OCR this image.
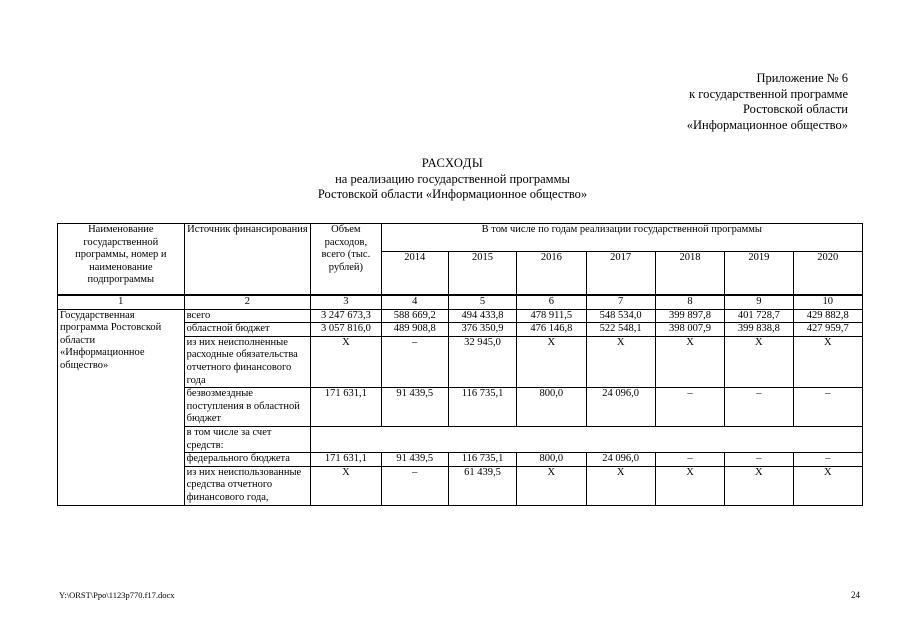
Приложение № 6
к государственной программе
Ростовской области
«Информационное общество»
РАСХОДЫ
на реализацию государственной программы
Ростовской области «Информационное общество»
Наименование государственной программы, номер и наименование подпрограммы	Источник финансирования	Объем расходов, всего (тыс. рублей)	В том числе по годам реализации государственной программы						
			2014	2015	2016	2017	2018	2019	2020
1	2	3	4	5	6	7	8	9	10
Государственная программа Ростовской области «Информационное общество»	всего	3 247 673,3	588 669,2	494 433,8	478 911,5	548 534,0	399 897,8	401 728,7	429 882,8
	областной бюджет	3 057 816,0	489 908,8	376 350,9	476 146,8	522 548,1	398 007,9	399 838,8	427 959,7
	из них неисполненные расходные обязательства отчетного финансового года	X	–	32 945,0	X	X	X	X	X
	безвозмездные поступления в областной бюджет	171 631,1	91 439,5	116 735,1	800,0	24 096,0	–	–	–
	в том числе за счет средств:								
	федерального бюджета	171 631,1	91 439,5	116 735,1	800,0	24 096,0	–	–	–
	из них неиспользованные средства отчетного финансового года,	X	–	61 439,5	X	X	X	X	X
Y:\ORST\Ppo\1123p770.f17.docx	24
